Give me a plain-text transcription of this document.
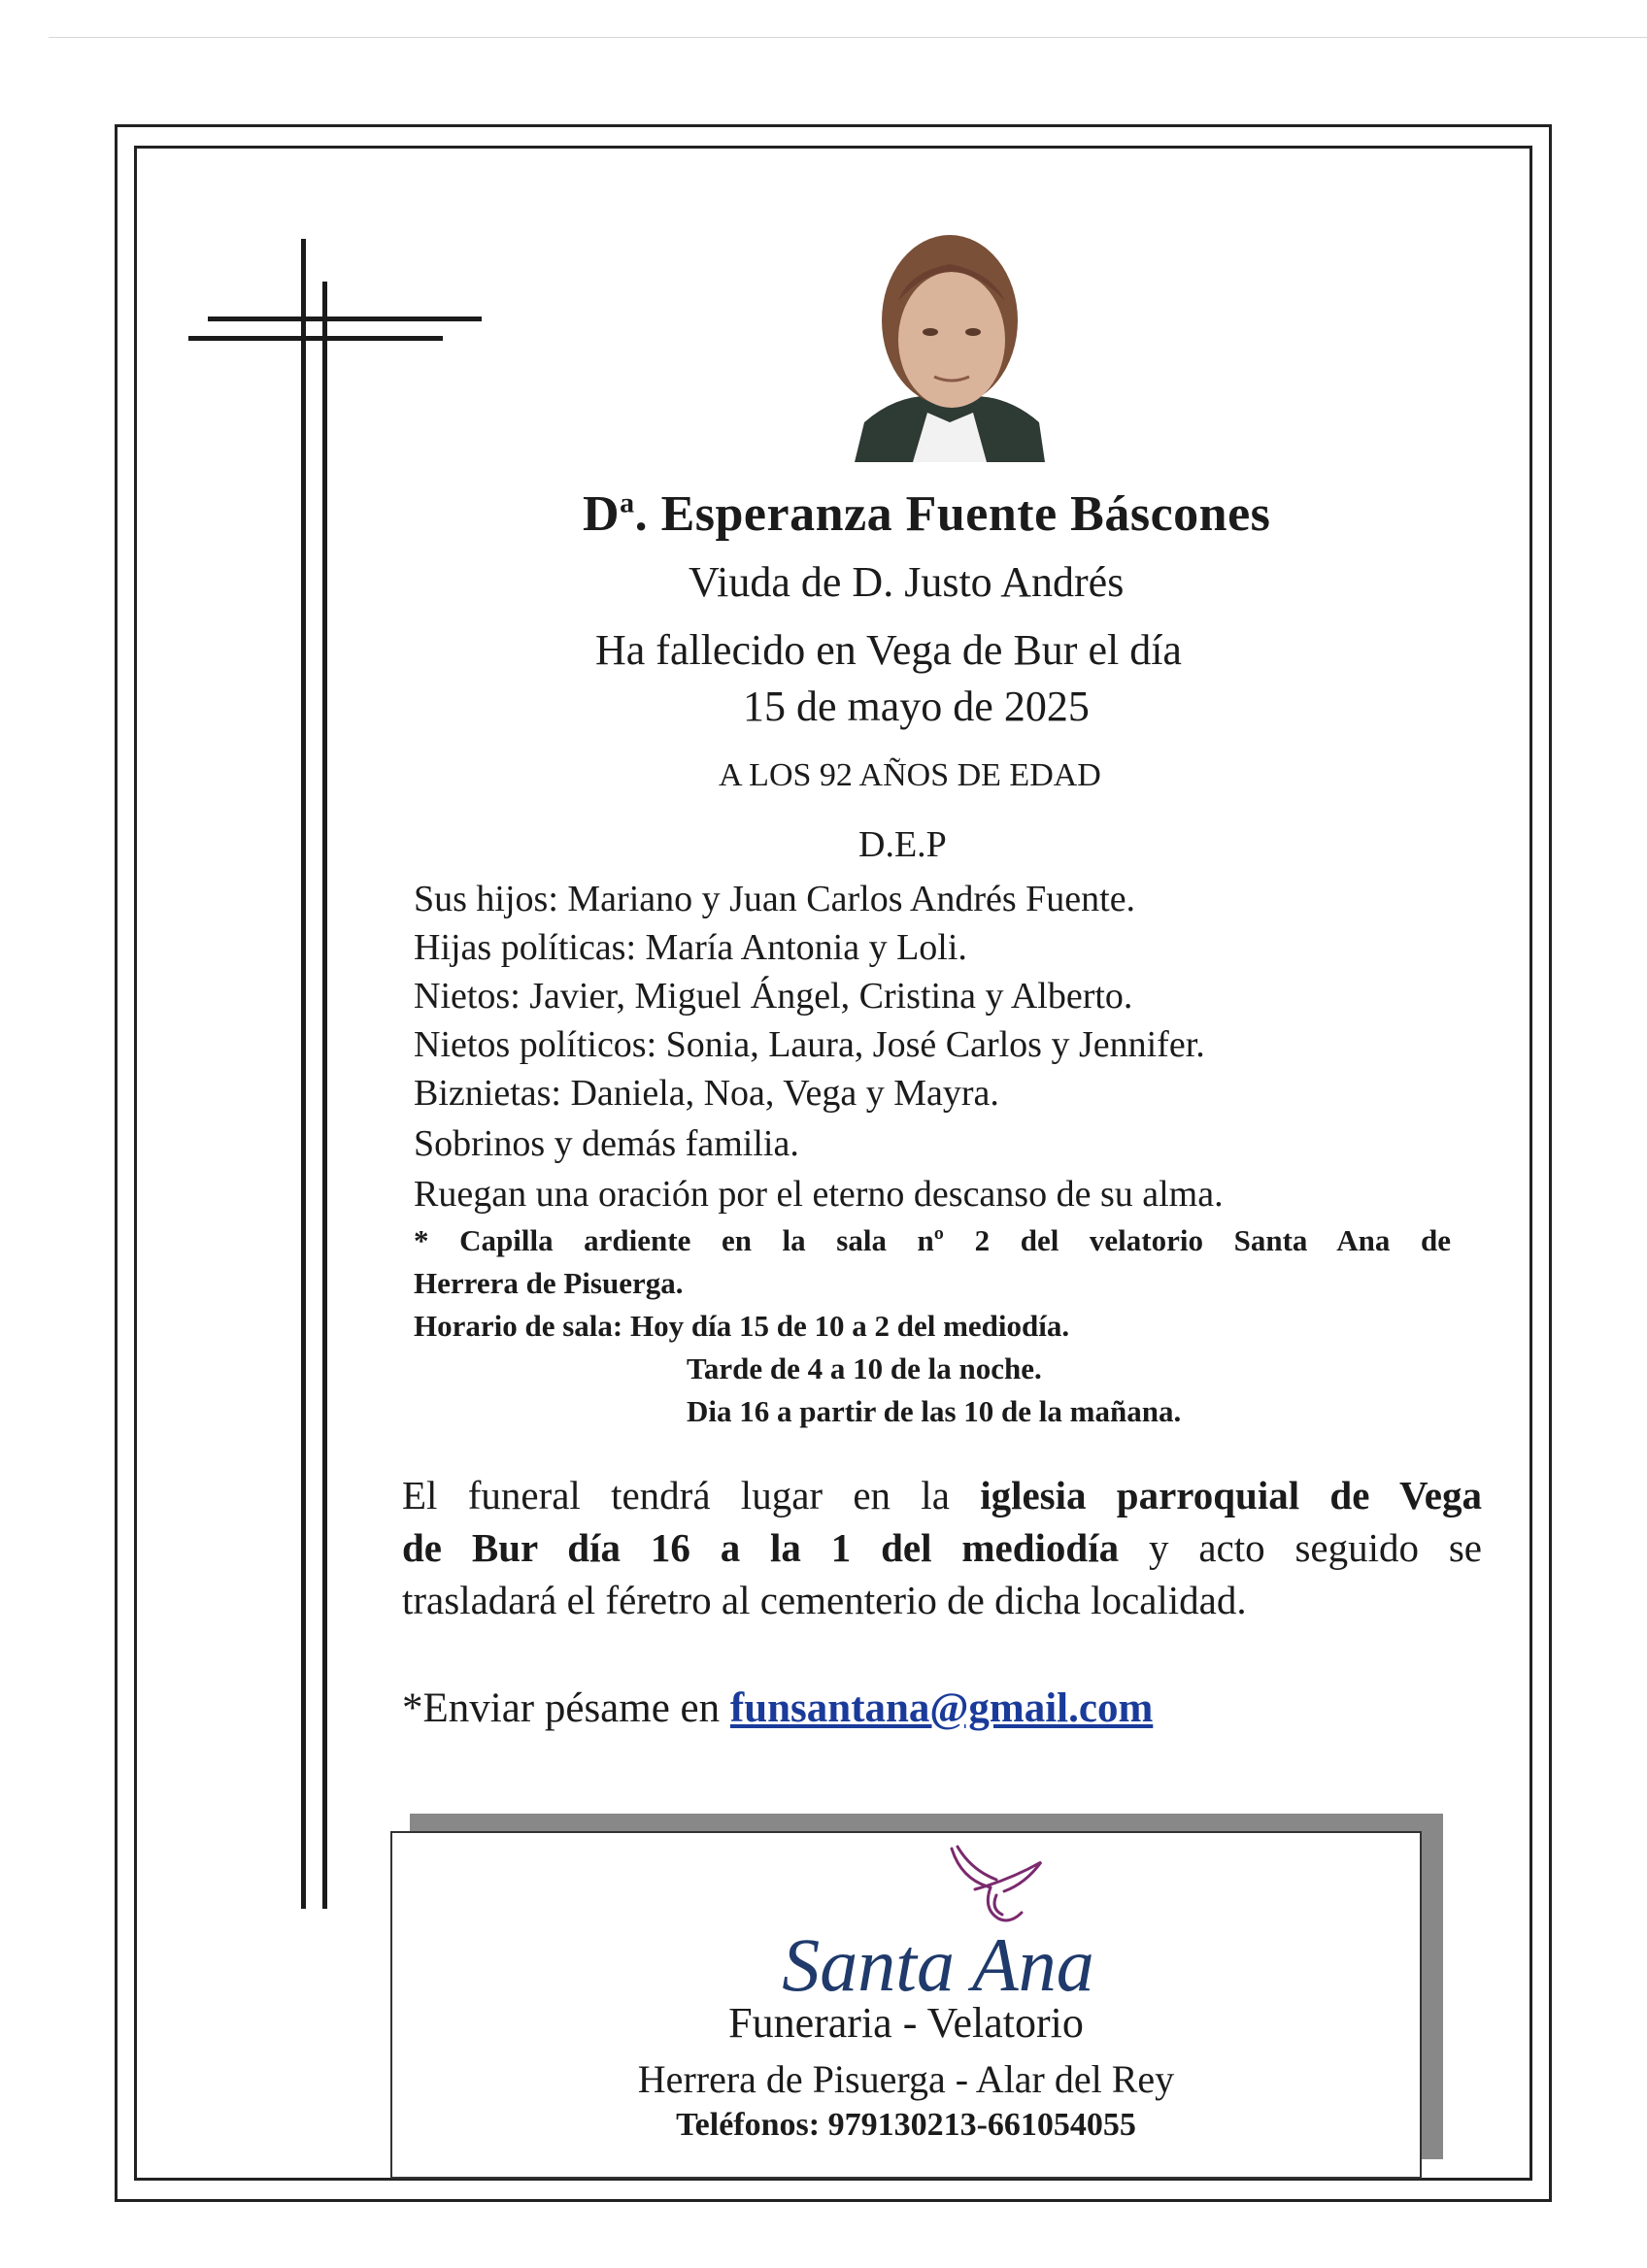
$D^a$. Esperanza Fuente Báscones
Viuda de D. Justo Andrés
Ha fallecido en Vega de Bur el día
15 de mayo de 2025
A LOS 92 AÑOS DE EDAD
D.E.P
Sus hijos: Mariano y Juan Carlos Andrés Fuente.
Hijas políticas: María Antonia y Loli.
Nietos: Javier, Miguel Ángel, Cristina y Alberto.
Nietos políticos: Sonia, Laura, José Carlos y Jennifer.
Biznietas: Daniela, Noa, Vega y Mayra.
Sobrinos y demás familia.
Ruegan una oración por el eterno descanso de su alma.
* Capilla ardiente en la sala nº 2 del velatorio Santa Ana de
Herrera de Pisuerga.
Horario de sala: Hoy día 15 de 10 a 2 del mediodía.
Tarde de 4 a 10 de la noche.
Dia 16 a partir de las 10 de la mañana.
El funeral tendrá lugar en la iglesia parroquial de Vega
de Bur día 16 a la 1 del mediodía y acto seguido se
trasladará el féretro al cementerio de dicha localidad.
*Enviar pésame en funsantana@gmail.com
Santa Ana
Funeraria - Velatorio
Herrera de Pisuerga - Alar del Rey
Teléfonos: 979130213-661054055
